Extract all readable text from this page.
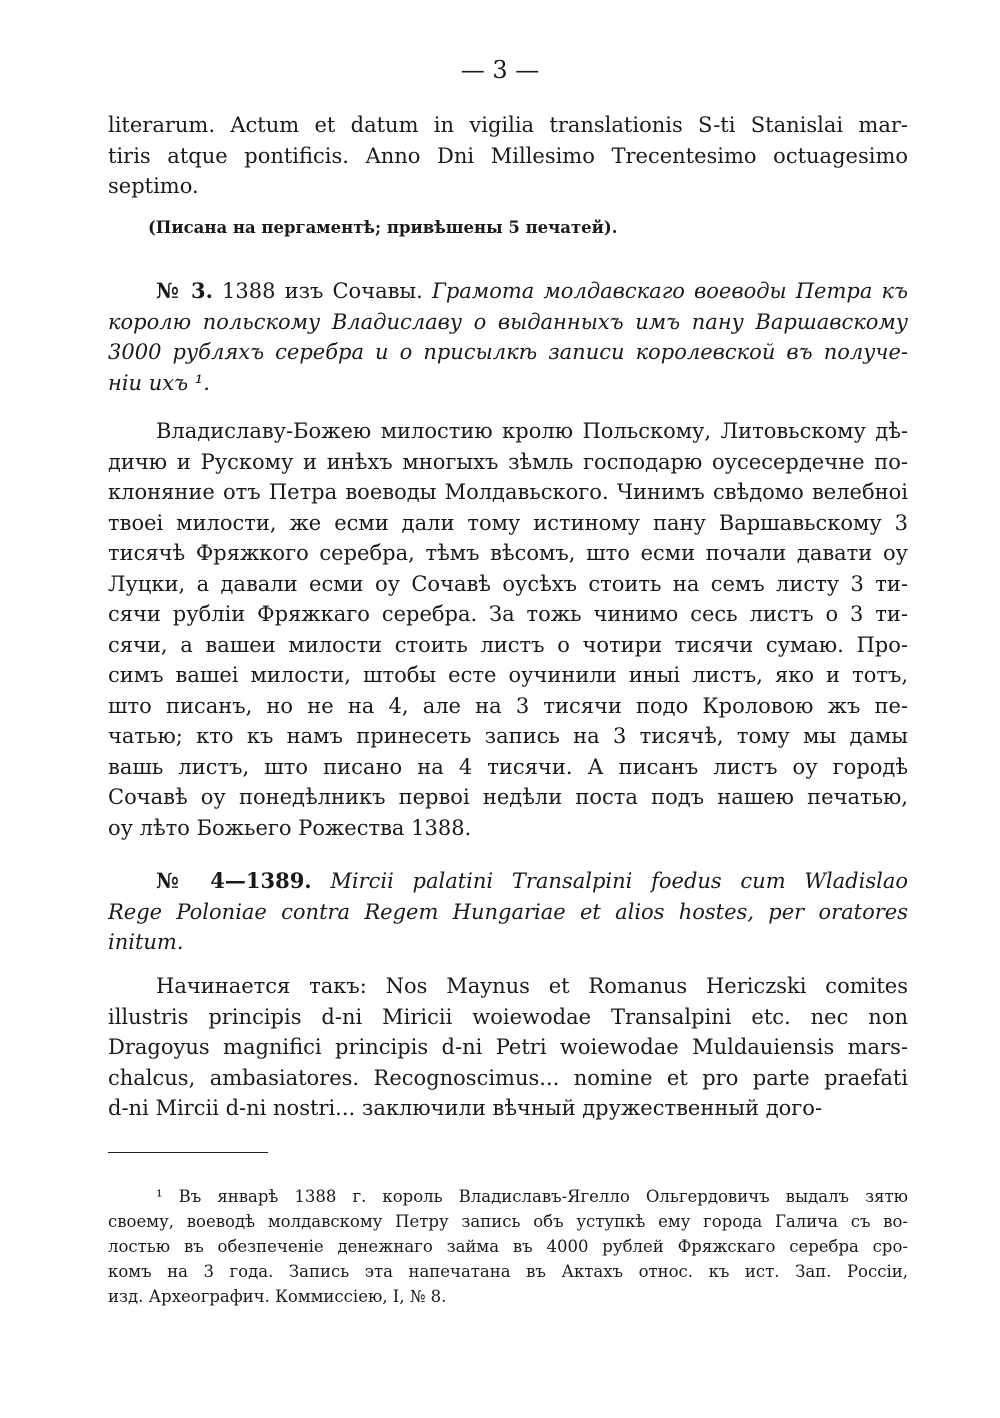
— 3 —
literarum. Actum et datum in vigilia translationis S-ti Stanislai mar-
tiris atque pontificis. Anno Dni Millesimo Trecentesimo octuagesimo
septimo.
(Писана на пергаментѣ; привѣшены 5 печатей).
№ 3. 1388 изъ Сочавы. Грамота молдавскаго воеводы Петра къ
королю польскому Владиславу о выданныхъ имъ пану Варшавскому
3000 рубляхъ серебра и о присылкѣ записи королевской въ получе-
нiи ихъ ¹.
Владиславу-Божею милостию кролю Польскому, Литовьскому дѣ-
дичю и Рускому и инѣхъ многыхъ зѣмль господарю оусесердечне по-
клоняние отъ Петра воеводы Молдавьского. Чинимъ свѣдомо велебноi
твоеi милости, же есми дали тому истиному пану Варшавьскому 3
тисячѣ Фряжкого серебра, тѣмъ вѣсомъ, што есми почали давати оу
Луцки, а давали есми оу Сочавѣ оусѣхъ стоить на семъ листу 3 ти-
сячи рублiи Фряжкаго серебра. За тожь чинимо сесь листъ о 3 ти-
сячи, а вашеи милости стоить листъ о чотири тисячи сумаю. Про-
симъ вашеi милости, штобы есте оучинили иныi листъ, яко и тотъ,
што писанъ, но не на 4, але на 3 тисячи подо Кроловою жъ пе-
чатью; кто къ намъ принесеть запись на 3 тисячѣ, тому мы дамы
вашь листъ, што писано на 4 тисячи. А писанъ листъ оу городѣ
Сочавѣ оу понедѣлникъ первоi недѣли поста подъ нашею печатью,
оу лѣто Божьего Рожества 1388.
№ 4—1389. Mircii palatini Transalpini foedus cum Wladislao
Rege Poloniae contra Regem Hungariae et alios hostes, per oratores
initum.
Начинается такъ: Nos Maynus et Romanus Hericzski comites
illustris principis d-ni Miricii woiewodae Transalpini etc. nec non
Dragoyus magnifici principis d-ni Petri woiewodae Muldauiensis mars-
chalcus, ambasiatores. Recognoscimus... nomine et pro parte praefati
d-ni Mircii d-ni nostri... заключили вѣчный дружественный дого-
¹ Въ январѣ 1388 г. король Владиславъ-Ягелло Ольгердовичъ выдалъ зятю
своему, воеводѣ молдавскому Петру запись объ уступкѣ ему города Галича съ во-
лостью въ обезпеченiе денежнаго займа въ 4000 рублей Фряжскаго серебра сро-
комъ на 3 года. Запись эта напечатана въ Актахъ относ. къ ист. Зап. Россiи,
изд. Археографич. Коммиссiею, I, № 8.
